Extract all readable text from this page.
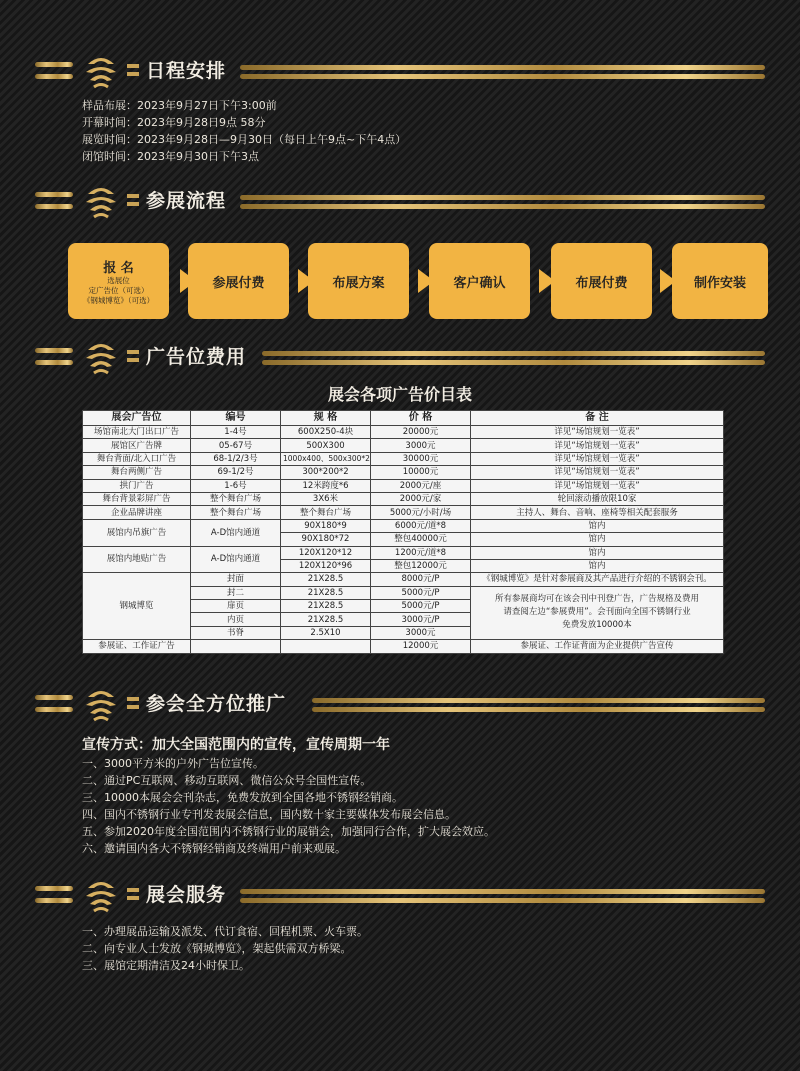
日程安排
样品布展：2023年9月27日下午3:00前
开幕时间：2023年9月28日9点 58分
展览时间：2023年9月28日—9月30日（每日上午9点~下午4点）
闭馆时间：2023年9月30日下午3点
参展流程
报 名
选展位
定广告位（可选）
《钢城博览》（可选）
参展付费	布展方案	客户确认	布展付费	制作安装
广告位费用
展会各项广告价目表
展会广告位	编号	规 格	价 格	备 注
场馆南北大门出口广告	1-4号	600X250-4块	20000元	详见“场馆规划一览表”
展馆区广告牌	05-67号	500X300	3000元	详见“场馆规划一览表”
舞台背面/北入口广告	68-1/2/3号	1000x400、500x300*2	30000元	详见“场馆规划一览表”
舞台两侧广告	69-1/2号	300*200*2	10000元	详见“场馆规划一览表”
拱门广告	1-6号	12米跨度*6	2000元/座	详见“场馆规划一览表”
舞台背景彩屏广告	整个舞台广场	3X6米	2000元/家	轮回滚动播放限10家
企业品牌讲座	整个舞台广场	整个舞台广场	5000元/小时/场	主持人、舞台、音响、座椅等相关配套服务
展馆内吊旗广告	A-D馆内通道	90X180*9	6000元/道*8	馆内
		90X180*72	整包40000元	馆内
展馆内地贴广告	A-D馆内通道	120X120*12	1200元/道*8	馆内
		120X120*96	整包12000元	馆内
钢城博览	封面	21X28.5	8000元/P	《钢城博览》是针对参展商及其产品进行介绍的不锈钢会刊。
	封二	21X28.5	5000元/P	所有参展商均可在该会刊中刊登广告，广告规格及费用
请查阅左边“参展费用”。会刊面向全国不锈钢行业
免费发放10000本

	扉页	21X28.5	5000元/P	
	内页	21X28.5	3000元/P	
	书脊	2.5X10	3000元	
参展证、工作证广告			12000元	参展证、工作证背面为企业提供广告宣传
参会全方位推广
宣传方式：加大全国范围内的宣传，宣传周期一年
一、3000平方米的户外广告位宣传。
二、通过PC互联网、移动互联网、微信公众号全国性宣传。
三、10000本展会会刊杂志，免费发放到全国各地不锈钢经销商。
四、国内不锈钢行业专刊发表展会信息，国内数十家主要媒体发布展会信息。
五、参加2020年度全国范围内不锈钢行业的展销会，加强同行合作，扩大展会效应。
六、邀请国内各大不锈钢经销商及终端用户前来观展。
展会服务
一、办理展品运输及派发、代订食宿、回程机票、火车票。
二、向专业人士发放《钢城博览》，架起供需双方桥梁。
三、展馆定期清洁及24小时保卫。
